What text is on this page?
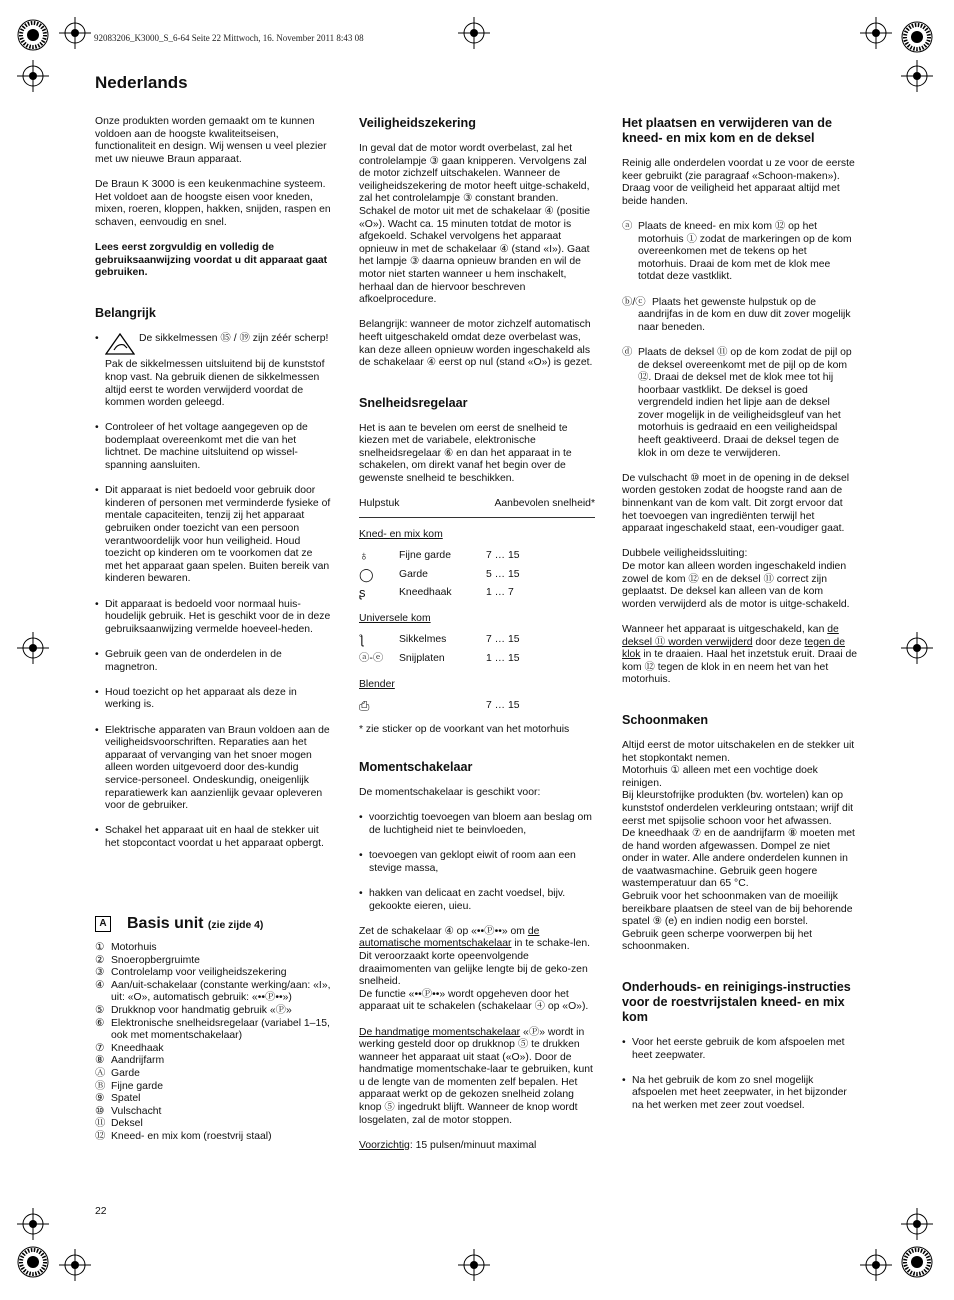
92083206_K3000_S_6-64 Seite 22 Mittwoch, 16. November 2011 8:43 08
Nederlands

Onze produkten worden gemaakt om te kunnen voldoen aan de hoogste kwaliteitseisen, functionaliteit en design. Wij wensen u veel plezier met uw nieuwe Braun apparaat.

De Braun K 3000 is een keukenmachine systeem. Het voldoet aan de hoogste eisen voor kneden, mixen, roeren, kloppen, hakken, snijden, raspen en schaven, eenvoudig en snel.

Lees eerst zorgvuldig en volledig de gebruiksaanwijzing voordat u dit apparaat gaat gebruiken.

Belangrijk
• De sikkelmessen ⑮ / ⑲ zijn zéér scherp!
Pak de sikkelmessen uitsluitend bij de kunststof knop vast. Na gebruik dienen de sikkelmessen altijd eerst te worden verwijderd voordat de kommen worden geleegd.
• Controleer of het voltage aangegeven op de bodemplaat overeenkomt met die van het lichtnet. De machine uitsluitend op wissel-spanning aansluiten.
• Dit apparaat is niet bedoeld voor gebruik door kinderen of personen met verminderde fysieke of mentale capaciteiten, tenzij zij het apparaat gebruiken onder toezicht van een persoon verantwoordelijk voor hun veiligheid. Houd toezicht op kinderen om te voorkomen dat ze met het apparaat gaan spelen. Buiten bereik van kinderen bewaren.
• Dit apparaat is bedoeld voor normaal huis-houdelijk gebruik. Het is geschikt voor de in deze gebruiksaanwijzing vermelde hoeveel-heden.
• Gebruik geen van de onderdelen in de magnetron.
• Houd toezicht op het apparaat als deze in werking is.
• Elektrische apparaten van Braun voldoen aan de veiligheidsvoorschriften. Reparaties aan het apparaat of vervanging van het snoer mogen alleen worden uitgevoerd door des-kundig service-personeel. Ondeskundig, oneigenlijk reparatiewerk kan aanzienlijk gevaar opleveren voor de gebruiker.
• Schakel het apparaat uit en haal de stekker uit het stopcontact voordat u het apparaat opbergt.
A Basis unit (zie zijde 4)
① Motorhuis
② Snoeropbergruimte
③ Controlelamp voor veiligheidszekering
④ Aan/uit-schakelaar (constante werking/aan: «I», uit: «O», automatisch gebruik: «••Ⓟ••»)
⑤ Drukknop voor handmatig gebruik «Ⓟ»
⑥ Elektronische snelheidsregelaar (variabel 1–15, ook met momentschakelaar)
⑦ Kneedhaak
⑧ Aandrijfarm
Ⓐ Garde
Ⓑ Fijne garde
⑨ Spatel
⑩ Vulschacht
⑪ Deksel
⑫ Kneed- en mix kom (roestvrij staal)
Veiligheidszekering

In geval dat de motor wordt overbelast, zal het controlelampje ③ gaan knipperen. Vervolgens zal de motor zichzelf uitschakelen. Wanneer de veiligheidszekering de motor heeft uitge-schakeld, zal het controlelampje ③ constant branden. Schakel de motor uit met de schakelaar ④ (positie «O»). Wacht ca. 15 minuten totdat de motor is afgekoeld. Schakel vervolgens het apparaat opnieuw in met de schakelaar ④ (stand «I»). Gaat het lampje ③ daarna opnieuw branden en wil de motor niet starten wanneer u hem inschakelt, herhaal dan de hiervoor beschreven afkoelprocedure.

Belangrijk: wanneer de motor zichzelf automatisch heeft uitgeschakeld omdat deze overbelast was, kan deze alleen opnieuw worden ingeschakeld als de schakelaar ④ eerst op nul (stand «O») is gezet.

Snelheidsregelaar

Het is aan te bevelen om eerst de snelheid te kiezen met de variabele, elektronische snelheidsregelaar ⑥ en dan het apparaat in te schakelen, om direkt vanaf het begin over de gewenste snelheid te beschikken.

Hulpstuk	Aanbevolen snelheid*
Kned- en mix kom
♁	Fijne garde	7 … 15
◯	Garde	5 … 15
ʂ	Kneedhaak	1 … 7
Universele kom
ƪ	Sikkelmes	7 … 15
ⓐ-ⓔ	Snijplaten	1 … 15
Blender
⎙	7 … 15

* zie sticker op de voorkant van het motorhuis

Momentschakelaar

De momentschakelaar is geschikt voor:

• voorzichtig toevoegen van bloem aan beslag om de luchtigheid niet te beinvloeden,
• toevoegen van geklopt eiwit of room aan een stevige massa,
• hakken van delicaat en zacht voedsel, bijv. gekookte eieren, uieu.
Zet de schakelaar ④ op «••Ⓟ••» om de automatische momentschakelaar in te schake-len. Dit veroorzaakt korte opeenvolgende draaimomenten van gelijke lengte bij de geko-zen snelheid.

De functie «••Ⓟ••» wordt opgeheven door het apparaat uit te schakelen (schakelaar ④ op «O»).

De handmatige momentschakelaar «Ⓟ» wordt in werking gesteld door op drukknop ⑤ te drukken wanneer het apparaat uit staat («O»). Door de handmatige momentschake-laar te gebruiken, kunt u de lengte van de momenten zelf bepalen. Het apparaat werkt op de gekozen snelheid zolang knop ⑤ ingedrukt blijft. Wanneer de knop wordt losgelaten, zal de motor stoppen.

Voorzichtig: 15 pulsen/minuut maximal

Het plaatsen en verwijderen van de kneed- en mix kom en de deksel

Reinig alle onderdelen voordat u ze voor de eerste keer gebruikt (zie paragraaf «Schoon-maken»).

Draag voor de veiligheid het apparaat altijd met beide handen.

ⓐ Plaats de kneed- en mix kom ⑫ op het motorhuis ① zodat de markeringen op de kom overeenkomen met de tekens op het motorhuis. Draai de kom met de klok mee totdat deze vastklikt.
ⓑ/ⓒ Plaats het gewenste hulpstuk op de aandrijfas in de kom en duw dit zover mogelijk naar beneden.
ⓓ Plaats de deksel ⑪ op de kom zodat de pijl op de deksel overeenkomt met de pijl op de kom ⑫. Draai de deksel met de klok mee tot hij hoorbaar vastklikt. De deksel is goed vergrendeld indien het lipje aan de deksel zover mogelijk in de veiligheidsgleuf van het motorhuis is gedraaid en een veiligheidspal heeft geaktiveerd. Draai de deksel tegen de klok in om deze te verwijderen.

De vulschacht ⑩ moet in de opening in de deksel worden gestoken zodat de hoogste rand aan de binnenkant van de kom valt. Dit zorgt ervoor dat het toevoegen van ingrediënten terwijl het apparaat ingeschakeld staat, een-voudiger gaat.

Dubbele veiligheidssluiting:
De motor kan alleen worden ingeschakeld indien zowel de kom ⑫ en de deksel ⑪ correct zijn geplaatst. De deksel kan alleen van de kom worden verwijderd als de motor is uitge-schakeld.

Wanneer het apparaat is uitgeschakeld, kan de deksel ⑪ worden verwijderd door deze tegen de klok in te draaien. Haal het inzetstuk eruit. Draai de kom ⑫ tegen de klok in en neem het van het motorhuis.

Schoonmaken

Altijd eerst de motor uitschakelen en de stekker uit het stopkontakt nemen.
Motorhuis ① alleen met een vochtige doek reinigen.
Bij kleurstofrijke produkten (bv. wortelen) kan op kunststof onderdelen verkleuring ontstaan; wrijf dit eerst met spijsolie schoon voor het afwassen.
De kneedhaak ⑦ en de aandrijfarm ⑧ moeten met de hand worden afgewassen. Dompel ze niet onder in water. Alle andere onderdelen kunnen in de vaatwasmachine. Gebruik geen hogere wastemperatuur dan 65 °C.
Gebruik voor het schoonmaken van de moeilijk bereikbare plaatsen de steel van de bij behorende spatel ⑨ (e) en indien nodig een borstel.
Gebruik geen scherpe voorwerpen bij het schoonmaken.

Onderhouds- en reinigings-instructies voor de roestvrijstalen kneed- en mix kom
• Voor het eerste gebruik de kom afspoelen met heet zeepwater.
• Na het gebruik de kom zo snel mogelijk afspoelen met heet zeepwater, in het bijzonder na het werken met zeer zout voedsel.
22
